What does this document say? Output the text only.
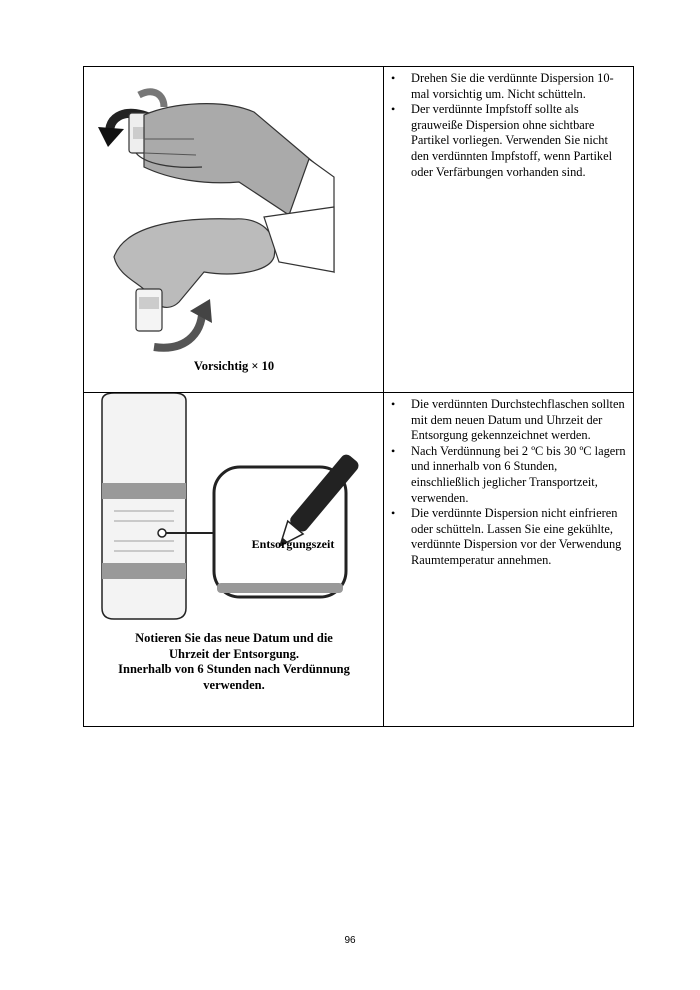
Vorsichtig × 10
• Drehen Sie die verdünnte Dispersion 10-mal vorsichtig um. Nicht schütteln.
• Der verdünnte Impfstoff sollte als grauweiße Dispersion ohne sichtbare Partikel vorliegen. Verwenden Sie nicht den verdünnten Impfstoff, wenn Partikel oder Verfärbungen vorhanden sind.
Entsorgungszeit
Notieren Sie das neue Datum und die
Uhrzeit der Entsorgung.
Innerhalb von 6 Stunden nach Verdünnung
verwenden.
• Die verdünnten Durchstechflaschen sollten mit dem neuen Datum und Uhrzeit der Entsorgung gekennzeichnet werden.
• Nach Verdünnung bei 2 ºC bis 30 ºC lagern und innerhalb von 6 Stunden, einschließlich jeglicher Transportzeit, verwenden.
• Die verdünnte Dispersion nicht einfrieren oder schütteln. Lassen Sie eine gekühlte, verdünnte Dispersion vor der Verwendung Raumtemperatur annehmen.
96
